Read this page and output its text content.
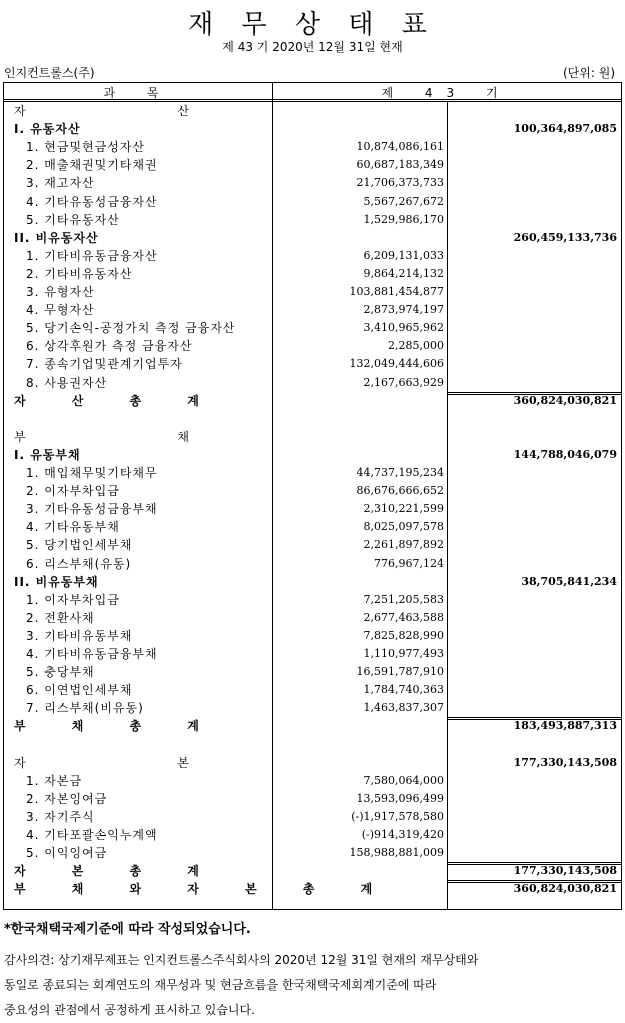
재 무 상 태 표
제 43 기 2020년 12월 31일 현재
인지컨트롤스(주)	(단위: 원)
과 목	제 43 기
자 산
I. 유동자산	100,364,897,085
1. 현금및현금성자산	10,874,086,161
2. 매출채권및기타채권	60,687,183,349
3. 재고자산	21,706,373,733
4. 기타유동성금융자산	5,567,267,672
5. 기타유동자산	1,529,986,170
II. 비유동자산	260,459,133,736
1. 기타비유동금융자산	6,209,131,033
2. 기타비유동자산	9,864,214,132
3. 유형자산	103,881,454,877
4. 무형자산	2,873,974,197
5. 당기손익-공정가치 측정 금융자산	3,410,965,962
6. 상각후원가 측정 금융자산	2,285,000
7. 종속기업및관계기업투자	132,049,444,606
8. 사용권자산	2,167,663,929
자 산 총 계	360,824,030,821
부 채
I. 유동부채	144,788,046,079
1. 매입채무및기타채무	44,737,195,234
2. 이자부차입금	86,676,666,652
3. 기타유동성금융부채	2,310,221,599
4. 기타유동부채	8,025,097,578
5. 당기법인세부채	2,261,897,892
6. 리스부채(유동)	776,967,124
II. 비유동부채	38,705,841,234
1. 이자부차입금	7,251,205,583
2. 전환사채	2,677,463,588
3. 기타비유동부채	7,825,828,990
4. 기타비유동금융부채	1,110,977,493
5. 충당부채	16,591,787,910
6. 이연법인세부채	1,784,740,363
7. 리스부채(비유동)	1,463,837,307
부 채 총 계	183,493,887,313
자 본	177,330,143,508
1. 자본금	7,580,064,000
2. 자본잉여금	13,593,096,499
3. 자기주식	(-)1,917,578,580
4. 기타포괄손익누계액	(-)914,319,420
5. 이익잉여금	158,988,881,009
자 본 총 계	177,330,143,508
부 채 와 자 본 총 계	360,824,030,821
*한국채택국제기준에 따라 작성되었습니다.
감사의견: 상기재무제표는 인지컨트롤스주식회사의 2020년 12월 31일 현재의 재무상태와
동일로 종료되는 회계연도의 재무성과 및 현금흐름을 한국채택국제회계기준에 따라
중요성의 관점에서 공정하게 표시하고 있습니다.
